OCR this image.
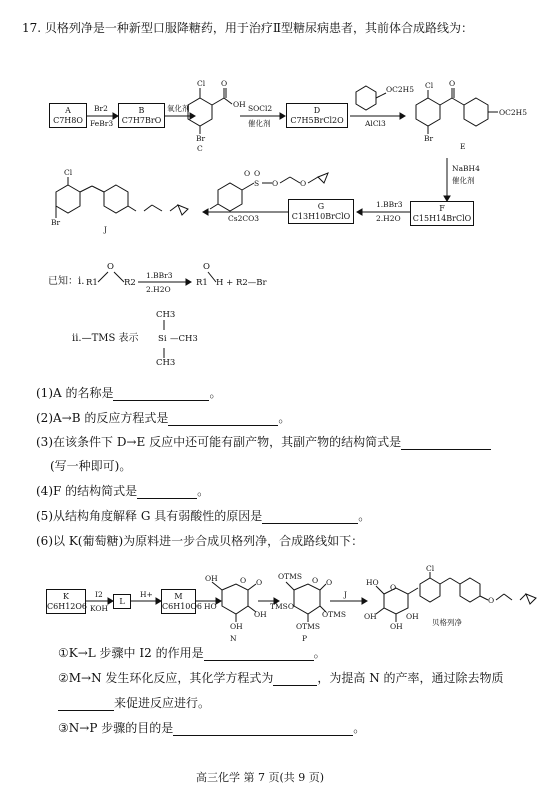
17. 贝格列净是一种新型口服降糖药，用于治疗Ⅱ型糖尿病患者，其前体合成路线为：
A
C7H8O
Br2
FeBr3
B
C7H7BrO
氧化剂
Cl O
OH
Br
C
SOCl2
催化剂
D
C7H5BrCl2O
OC2H5
AlCl3
Cl O
OC2H5
Br
E
NaBH4
催化剂
F
C15H14BrClO
1.BBr3
2.H2O
G
C13H10BrClO
Cs2CO3
S
O
O
O	O
Cl
Br
J
已知：i. R1
O
R2
1.BBr3
2.H2O
R1
O
H + R2—Br
ii.—TMS 表示
CH3
Si —CH3
CH3
(1)A 的名称是	。
(2)A→B 的反应方程式是	。
(3)在该条件下 D→E 反应中还可能有副产物，其副产物的结构简式是
(写一种即可)。
(4)F 的结构简式是	。
(5)从结构角度解释 G 具有弱酸性的原因是	。
(6)以 K(葡萄糖)为原料进一步合成贝格列净，合成路线如下：
K
C6H12O6
I2
KOH
L
H+	M
C6H10O6
OH	O O
HO
OH
OH
N
OTMS O O
TMSO
OTMS
OTMS
P
J
HO
O
Cl
OH
OH
OH
O
贝格列净
①K→L 步骤中 I2 的作用是	。
②M→N 发生环化反应，其化学方程式为	，为提高 N 的产率，通过除去物质
来促进反应进行。
③N→P 步骤的目的是	。
高三化学 第 7 页(共 9 页)
